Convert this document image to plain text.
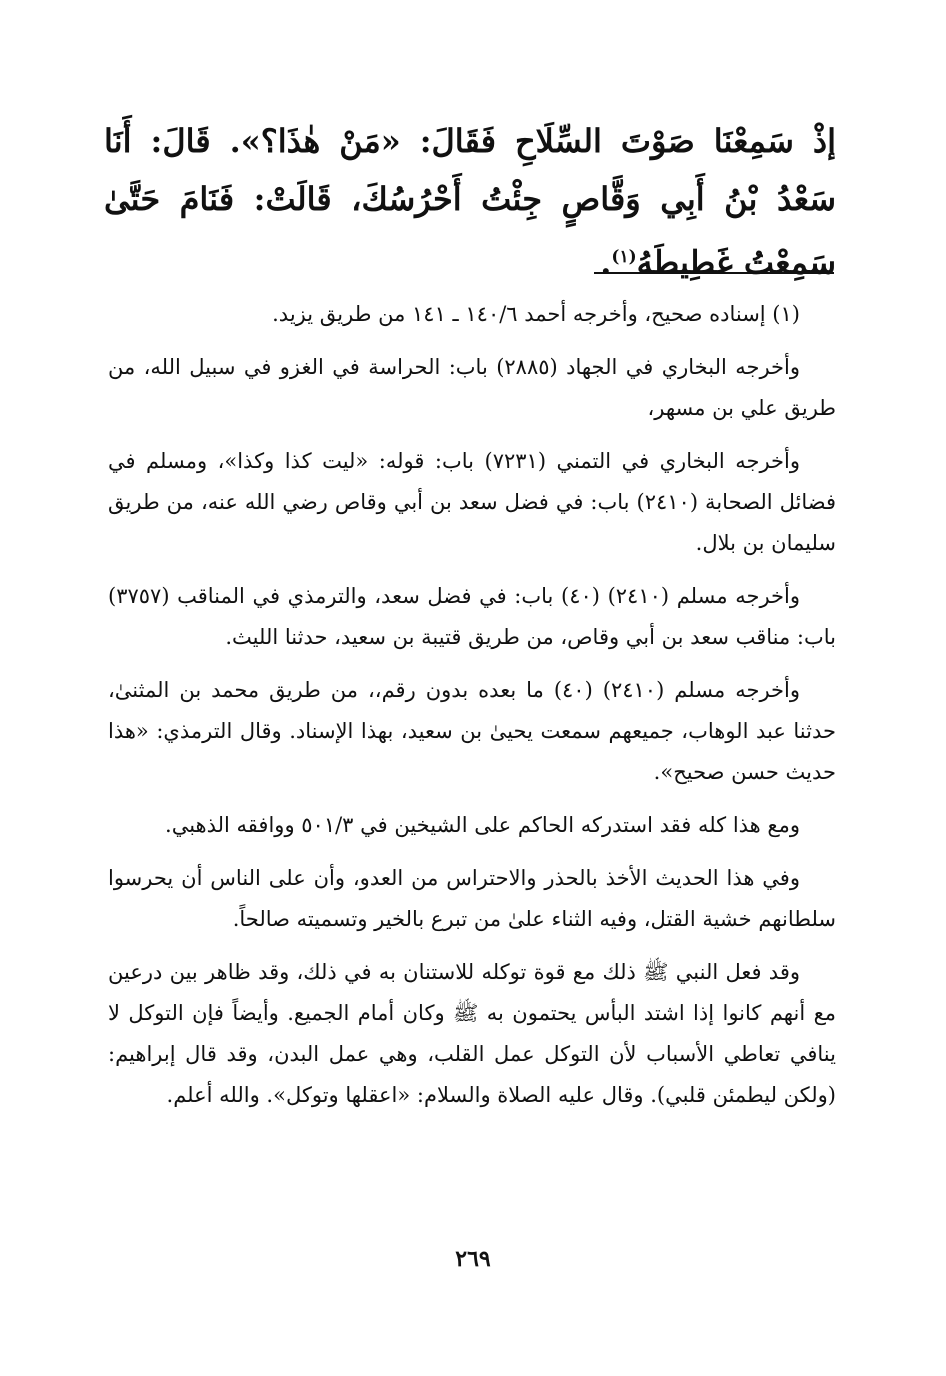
إذْ سَمِعْنَا صَوْتَ السِّلَاحِ فَقَالَ: «مَنْ هٰذَا؟». قَالَ: أَنَا سَعْدُ بْنُ أَبِي وَقَّاصٍ جِئْتُ أَحْرُسُكَ، قَالَتْ: فَنَامَ حَتَّىٰ سَمِعْتُ غَطِيطَهُ$^{(١)}$.

(١) إسناده صحيح، وأخرجه أحمد ١٤٠/٦ ـ ١٤١ من طريق يزيد.

وأخرجه البخاري في الجهاد (٢٨٨٥) باب: الحراسة في الغزو في سبيل الله، من طريق علي بن مسهر،

وأخرجه البخاري في التمني (٧٢٣١) باب: قوله: «ليت كذا وكذا»، ومسلم في فضائل الصحابة (٢٤١٠) باب: في فضل سعد بن أبي وقاص رضي الله عنه، من طريق سليمان بن بلال.

وأخرجه مسلم (٢٤١٠) (٤٠) باب: في فضل سعد، والترمذي في المناقب (٣٧٥٧) باب: مناقب سعد بن أبي وقاص، من طريق قتيبة بن سعيد، حدثنا الليث.

وأخرجه مسلم (٢٤١٠) (٤٠) ما بعده بدون رقم،، من طريق محمد بن المثنىٰ، حدثنا عبد الوهاب، جميعهم سمعت يحيىٰ بن سعيد، بهذا الإسناد. وقال الترمذي: «هذا حديث حسن صحيح».

ومع هذا كله فقد استدركه الحاكم على الشيخين في ٥٠١/٣ ووافقه الذهبي.

وفي هذا الحديث الأخذ بالحذر والاحتراس من العدو، وأن على الناس أن يحرسوا سلطانهم خشية القتل، وفيه الثناء علىٰ من تبرع بالخير وتسميته صالحاً.

وقد فعل النبي ﷺ ذلك مع قوة توكله للاستنان به في ذلك، وقد ظاهر بين درعين مع أنهم كانوا إذا اشتد البأس يحتمون به ﷺ وكان أمام الجميع. وأيضاً فإن التوكل لا ينافي تعاطي الأسباب لأن التوكل عمل القلب، وهي عمل البدن، وقد قال إبراهيم: (ولكن ليطمئن قلبي). وقال عليه الصلاة والسلام: «اعقلها وتوكل». والله أعلم.

٢٦٩
